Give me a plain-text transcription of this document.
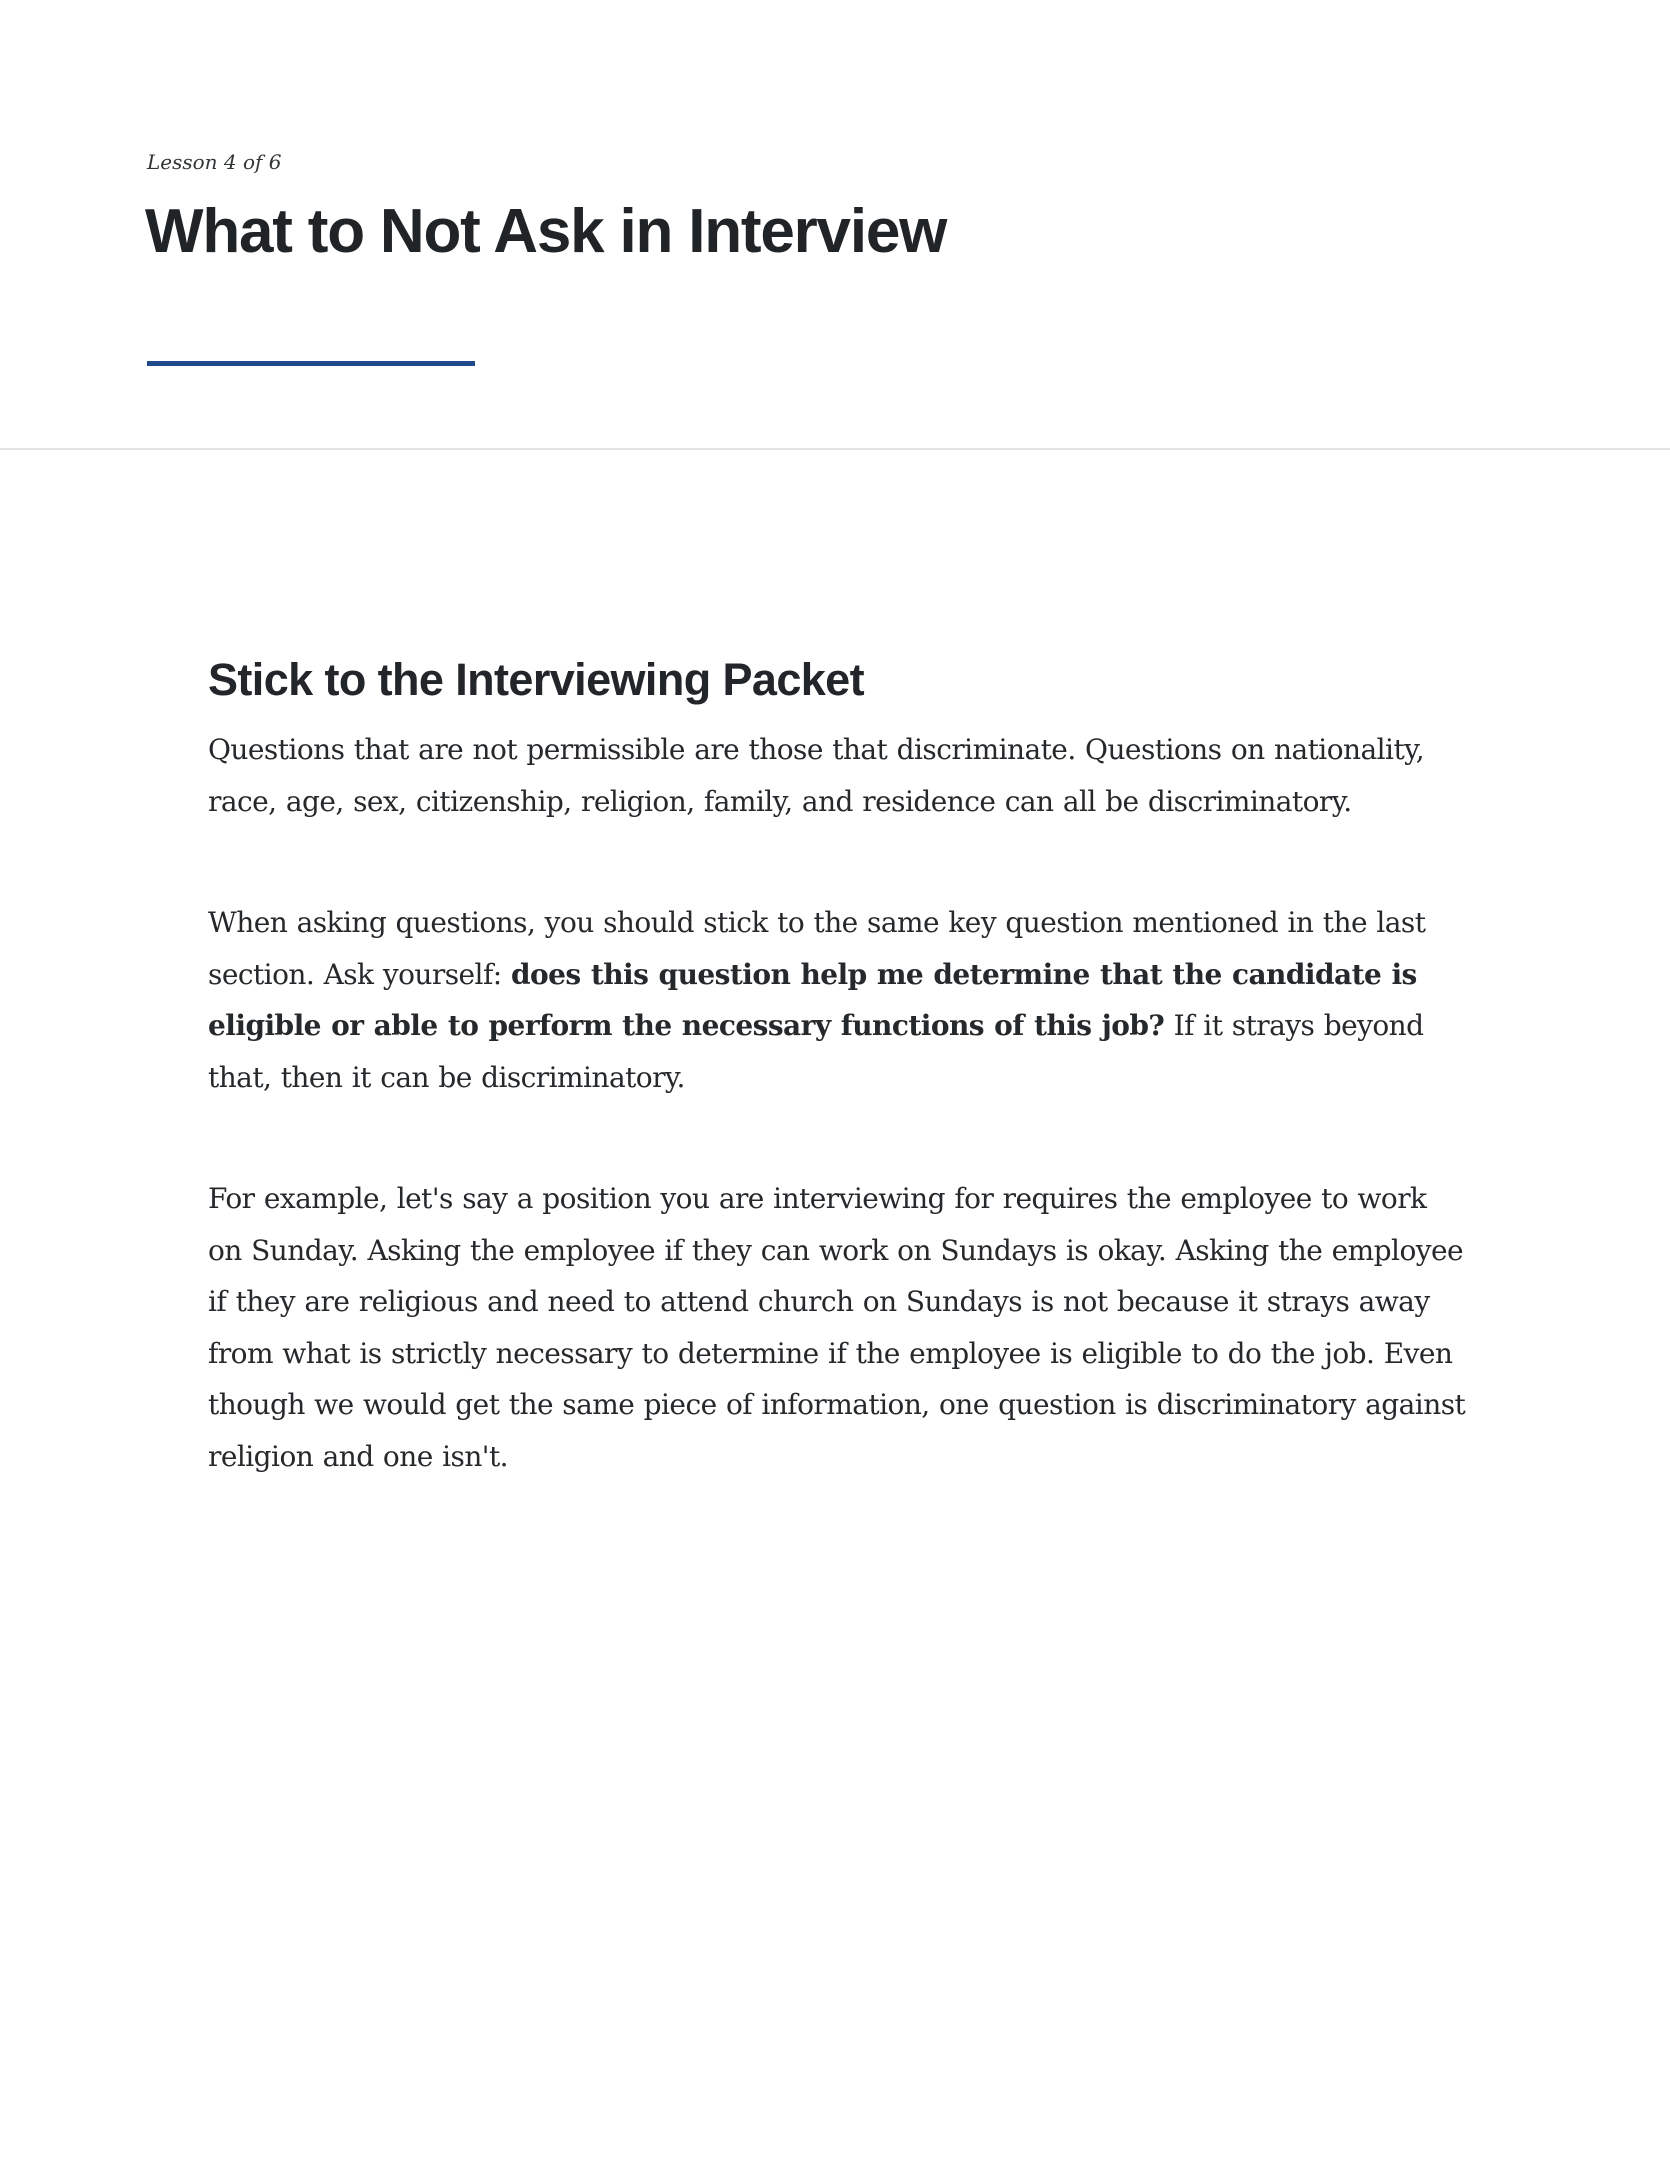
Lesson 4 of 6
What to Not Ask in Interview
Stick to the Interviewing Packet

Questions that are not permissible are those that discriminate. Questions on nationality, race, age, sex, citizenship, religion, family, and residence can all be discriminatory.

When asking questions, you should stick to the same key question mentioned in the last section. Ask yourself: does this question help me determine that the candidate is eligible or able to perform the necessary functions of this job? If it strays beyond that, then it can be discriminatory.

For example, let's say a position you are interviewing for requires the employee to work on Sunday. Asking the employee if they can work on Sundays is okay. Asking the employee if they are religious and need to attend church on Sundays is not because it strays away from what is strictly necessary to determine if the employee is eligible to do the job. Even though we would get the same piece of information, one question is discriminatory against religion and one isn't.
